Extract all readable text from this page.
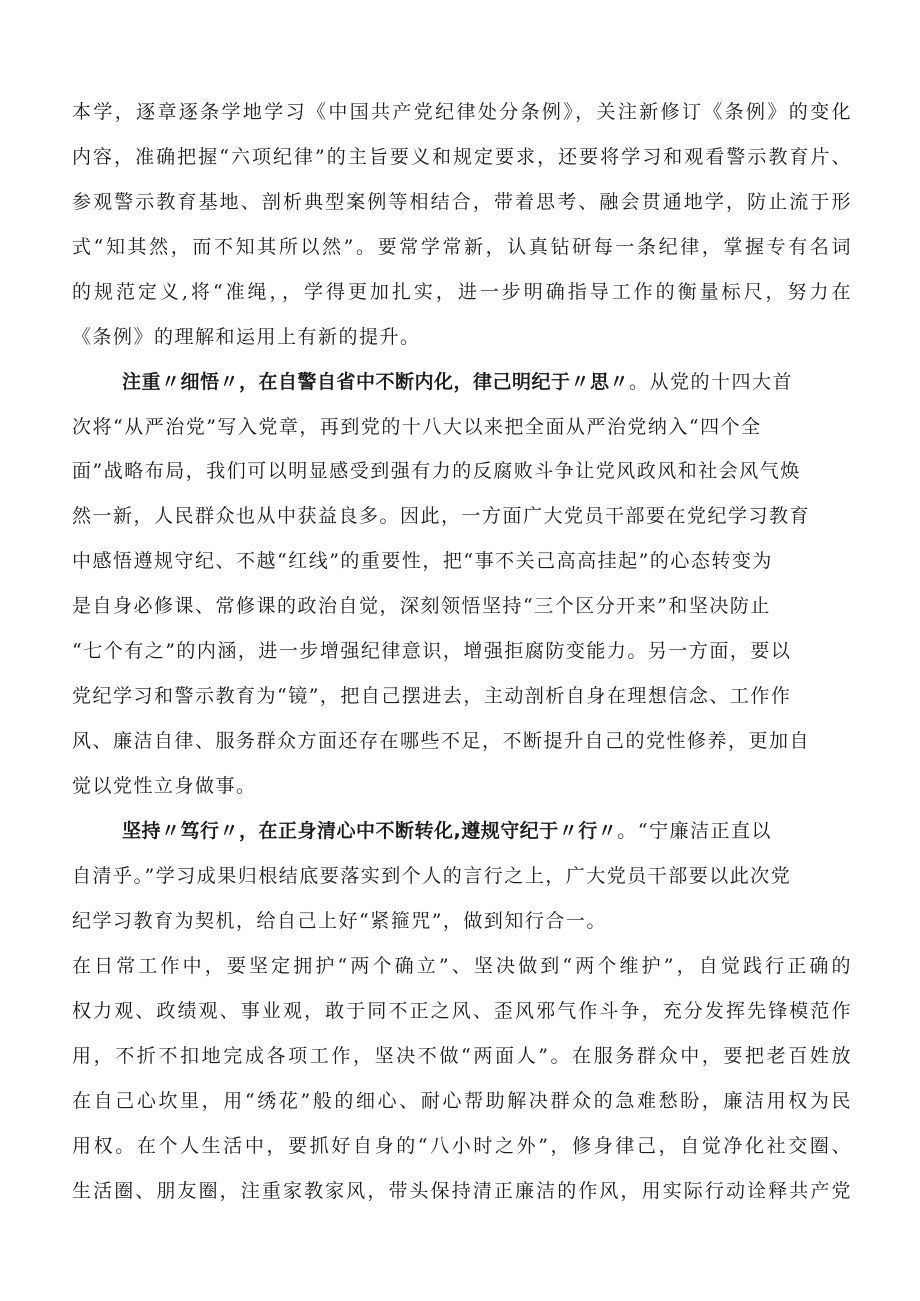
本学，逐章逐条学地学习《中国共产党纪律处分条例》，关注新修订《条例》的变化
内容，准确把握“六项纪律”的主旨要义和规定要求，还要将学习和观看警示教育片、
参观警示教育基地、剖析典型案例等相结合，带着思考、融会贯通地学，防止流于形
式“知其然，而不知其所以然”。要常学常新，认真钻研每一条纪律，掌握专有名词
的规范定义,将“准绳，，学得更加扎实，进一步明确指导工作的衡量标尺，努力在
《条例》的理解和运用上有新的提升。
注重〃细悟〃，在自警自省中不断内化，律己明纪于〃思〃。从党的十四大首
次将“从严治党”写入党章，再到党的十八大以来把全面从严治党纳入“四个全
面”战略布局，我们可以明显感受到强有力的反腐败斗争让党风政风和社会风气焕
然一新，人民群众也从中获益良多。因此，一方面广大党员干部要在党纪学习教育
中感悟遵规守纪、不越“红线”的重要性，把“事不关己高高挂起”的心态转变为
是自身必修课、常修课的政治自觉，深刻领悟坚持“三个区分开来”和坚决防止
“七个有之”的内涵，进一步增强纪律意识，增强拒腐防变能力。另一方面，要以
党纪学习和警示教育为“镜”，把自己摆进去，主动剖析自身在理想信念、工作作
风、廉洁自律、服务群众方面还存在哪些不足，不断提升自己的党性修养，更加自
觉以党性立身做事。
坚持〃笃行〃，在正身清心中不断转化,遵规守纪于〃行〃。“宁廉洁正直以
自清乎。”学习成果归根结底要落实到个人的言行之上，广大党员干部要以此次党
纪学习教育为契机，给自己上好“紧箍咒”，做到知行合一。
在日常工作中，要坚定拥护“两个确立”、坚决做到“两个维护”，自觉践行正确的
权力观、政绩观、事业观，敢于同不正之风、歪风邪气作斗争，充分发挥先锋模范作
用，不折不扣地完成各项工作，坚决不做“两面人”。在服务群众中，要把老百姓放
在自己心坎里，用“绣花”般的细心、耐心帮助解决群众的急难愁盼，廉洁用权为民
用权。在个人生活中，要抓好自身的“八小时之外”，修身律己，自觉净化社交圈、
生活圈、朋友圈，注重家教家风，带头保持清正廉洁的作风，用实际行动诠释共产党
